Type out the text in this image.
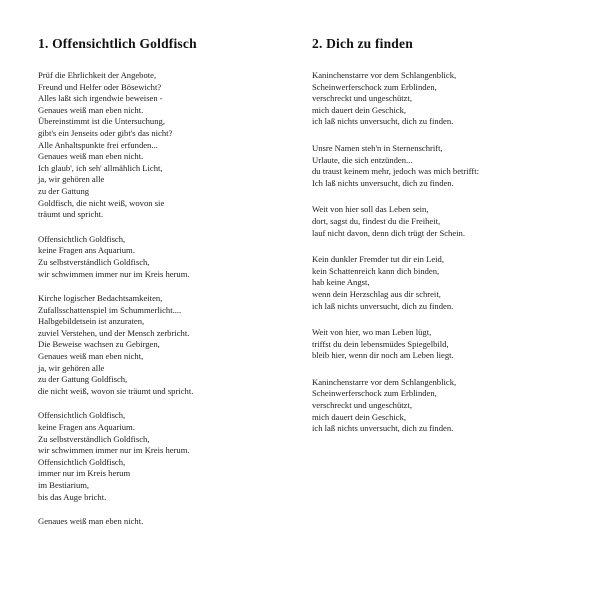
1. Offensichtlich Goldfisch
Prüf die Ehrlichkeit der Angebote,
Freund und Helfer oder Bösewicht?
Alles laßt sich irgendwie beweisen -
Genaues weiß man eben nicht.
Übereinstimmt ist die Untersuchung,
gibt's ein Jenseits oder gibt's das nicht?
Alle Anhaltspunkte frei erfunden...
Genaues weiß man eben nicht.
Ich glaub', ich seh' allmählich Licht,
ja, wir gehören alle
zu der Gattung
Goldfisch, die nicht weiß, wovon sie
träumt und spricht.
Offensichtlich Goldfisch,
keine Fragen ans Aquarium.
Zu selbstverständlich Goldfisch,
wir schwimmen immer nur im Kreis herum.
Kirche logischer Bedachtsamkeiten,
Zufallsschattenspiel im Schummerlicht....
Halbgebildetsein ist anzuraten,
zuviel Verstehen, und der Mensch zerbricht.
Die Beweise wachsen zu Gebirgen,
Genaues weiß man eben nicht,
ja, wir gehören alle
zu der Gattung Goldfisch,
die nicht weiß, wovon sie träumt und spricht.
Offensichtlich Goldfisch,
keine Fragen ans Aquarium.
Zu selbstverständlich Goldfisch,
wir schwimmen immer nur im Kreis herum.
Offensichtlich Goldfisch,
immer nur im Kreis herum
im Bestiarium,
bis das Auge bricht.
Genaues weiß man eben nicht.
2. Dich zu finden
Kaninchenstarre vor dem Schlangenblick,
Scheinwerferschock zum Erblinden,
verschreckt und ungeschützt,
mich dauert dein Geschick,
ich laß nichts unversucht, dich zu finden.
Unsre Namen steh'n in Sternenschrift,
Urlaute, die sich entzünden...
du traust keinem mehr, jedoch was mich betrifft:
Ich laß nichts unversucht, dich zu finden.
Weit von hier soll das Leben sein,
dort, sagst du, findest du die Freiheit,
lauf nicht davon, denn dich trügt der Schein.
Kein dunkler Fremder tut dir ein Leid,
kein Schattenreich kann dich binden,
hab keine Angst,
wenn dein Herzschlag aus dir schreit,
ich laß nichts unversucht, dich zu finden.
Weit von hier, wo man Leben lügt,
triffst du dein lebensmüdes Spiegelbild,
bleib hier, wenn dir noch am Leben liegt.
Kaninchenstarre vor dem Schlangenblick,
Scheinwerferschock zum Erblinden,
verschreckt und ungeschützt,
mich dauert dein Geschick,
ich laß nichts unversucht, dich zu finden.
